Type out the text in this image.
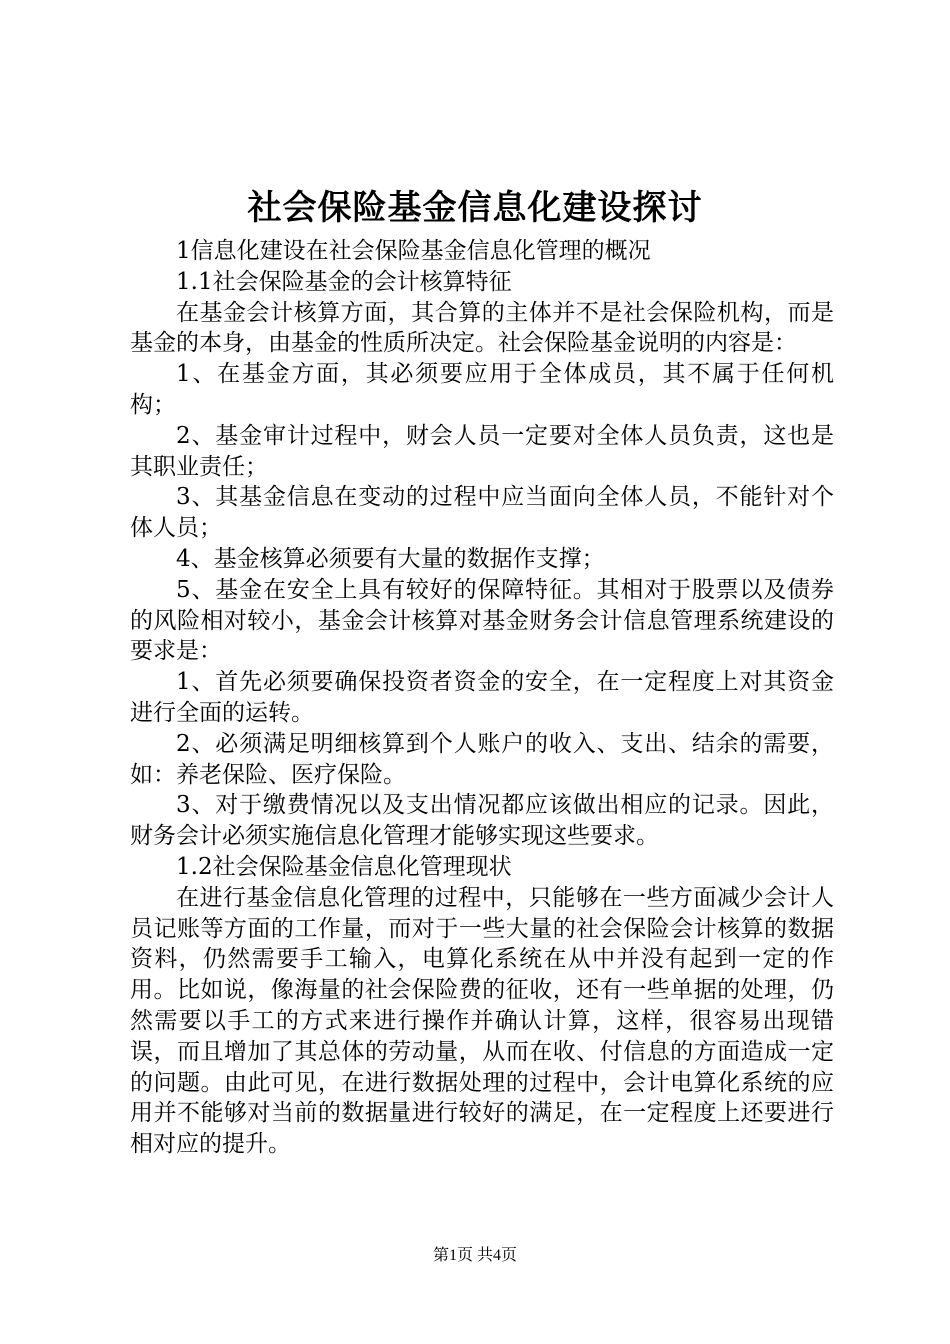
社会保险基金信息化建设探讨

1信息化建设在社会保险基金信息化管理的概况

1.1社会保险基金的会计核算特征

在基金会计核算方面，其合算的主体并不是社会保险机构，而是基金的本身，由基金的性质所决定。社会保险基金说明的内容是：

1、在基金方面，其必须要应用于全体成员，其不属于任何机构；

2、基金审计过程中，财会人员一定要对全体人员负责，这也是其职业责任；

3、其基金信息在变动的过程中应当面向全体人员，不能针对个体人员；

4、基金核算必须要有大量的数据作支撑；

5、基金在安全上具有较好的保障特征。其相对于股票以及债券的风险相对较小，基金会计核算对基金财务会计信息管理系统建设的要求是：

1、首先必须要确保投资者资金的安全，在一定程度上对其资金进行全面的运转。

2、必须满足明细核算到个人账户的收入、支出、结余的需要，如：养老保险、医疗保险。

3、对于缴费情况以及支出情况都应该做出相应的记录。因此，财务会计必须实施信息化管理才能够实现这些要求。

1.2社会保险基金信息化管理现状

在进行基金信息化管理的过程中，只能够在一些方面减少会计人员记账等方面的工作量，而对于一些大量的社会保险会计核算的数据资料，仍然需要手工输入，电算化系统在从中并没有起到一定的作用。比如说，像海量的社会保险费的征收，还有一些单据的处理，仍然需要以手工的方式来进行操作并确认计算，这样，很容易出现错误，而且增加了其总体的劳动量，从而在收、付信息的方面造成一定的问题。由此可见，在进行数据处理的过程中，会计电算化系统的应用并不能够对当前的数据量进行较好的满足，在一定程度上还要进行相对应的提升。

第1页 共4页
